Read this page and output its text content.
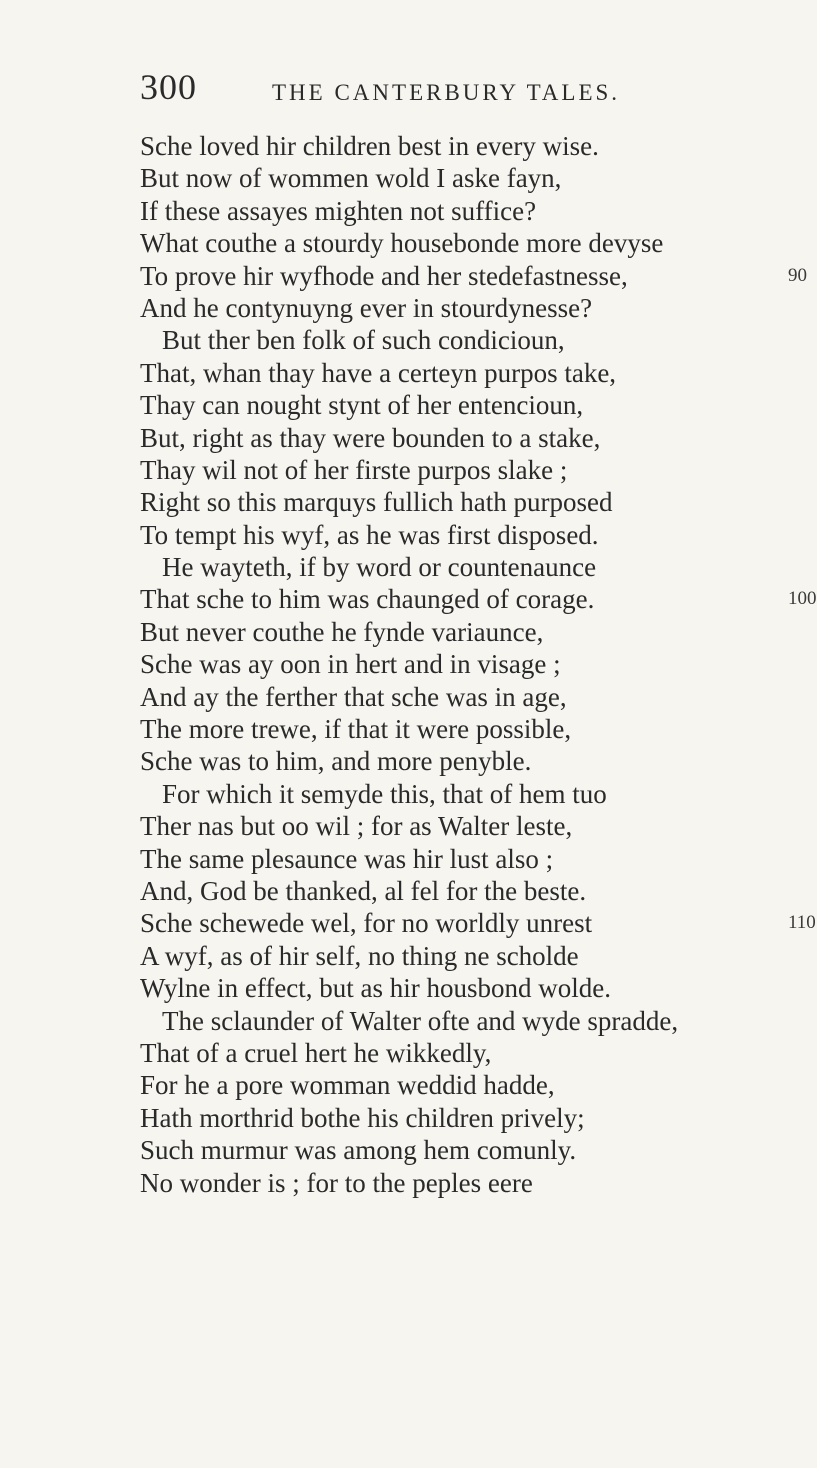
300	THE CANTERBURY TALES.
Sche loved hir children best in every wise.
But now of wommen wold I aske fayn,
If these assayes mighten not suffice?
What couthe a stourdy housebonde more devyse
To prove hir wyfhode and her stedefastnesse,	90
And he contynuyng ever in stourdynesse?
But ther ben folk of such condicioun,
That, whan thay have a certeyn purpos take,
Thay can nought stynt of her entencioun,
But, right as thay were bounden to a stake,
Thay wil not of her firste purpos slake ;
Right so this marquys fullich hath purposed
To tempt his wyf, as he was first disposed.
He wayteth, if by word or countenaunce
That sche to him was chaunged of corage.	100
But never couthe he fynde variaunce,
Sche was ay oon in hert and in visage ;
And ay the ferther that sche was in age,
The more trewe, if that it were possible,
Sche was to him, and more penyble.
For which it semyde this, that of hem tuo
Ther nas but oo wil ; for as Walter leste,
The same plesaunce was hir lust also ;
And, God be thanked, al fel for the beste.
Sche schewede wel, for no worldly unrest	110
A wyf, as of hir self, no thing ne scholde
Wylne in effect, but as hir housbond wolde.
The sclaunder of Walter ofte and wyde spradde,
That of a cruel hert he wikkedly,
For he a pore womman weddid hadde,
Hath morthrid bothe his children prively;
Such murmur was among hem comunly.
No wonder is ; for to the peples eere
